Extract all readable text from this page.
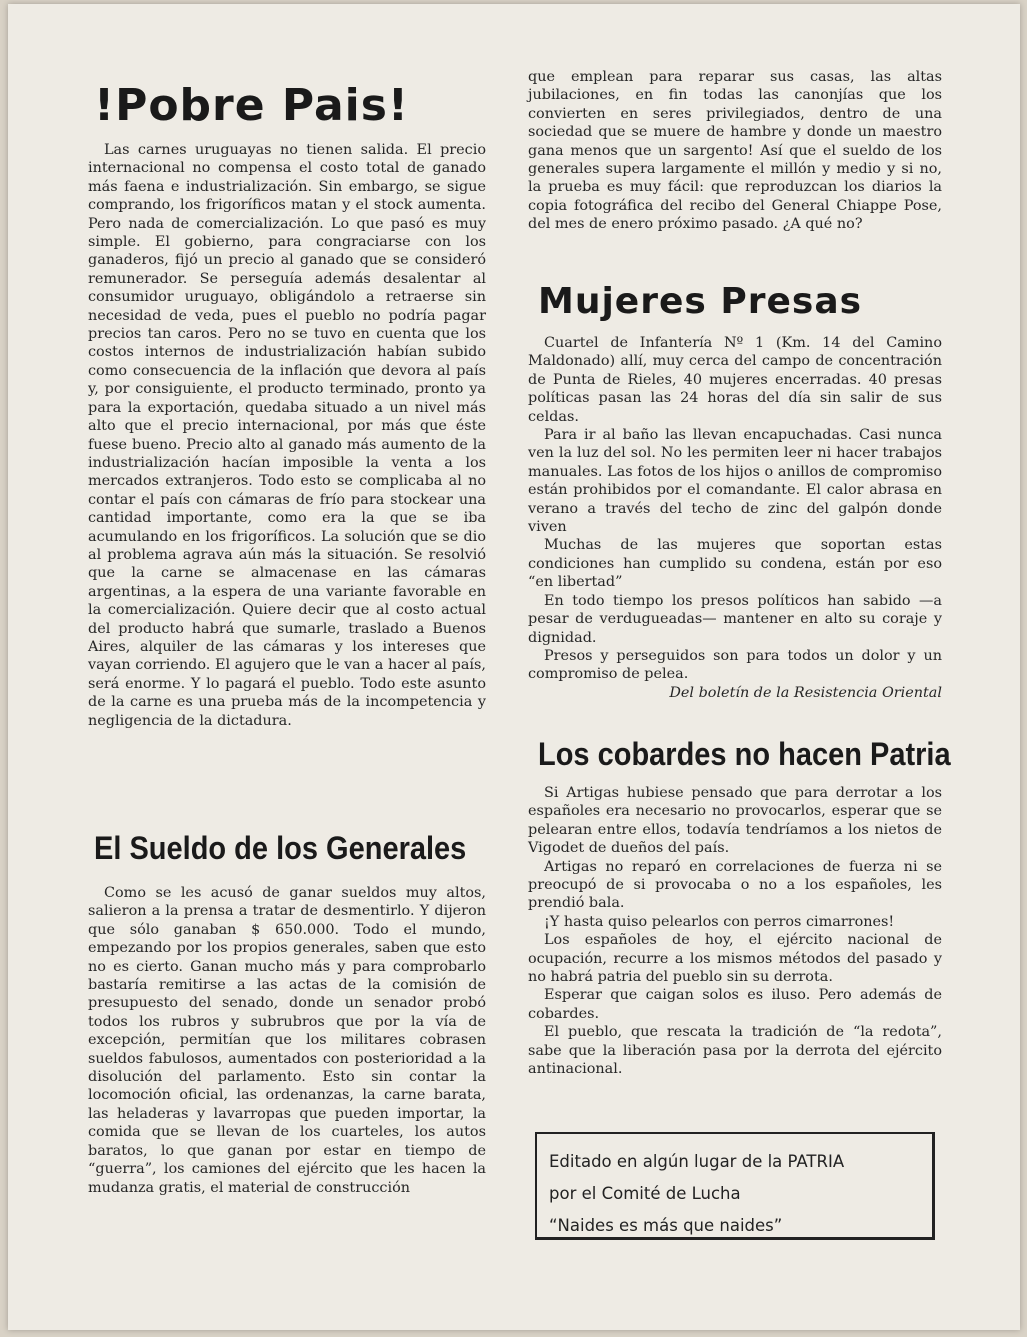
!Pobre Pais!

Las carnes uruguayas no tienen salida. El precio internacional no compensa el costo total de ganado más faena e industrialización. Sin embargo, se sigue comprando, los frigoríficos matan y el stock aumenta. Pero nada de comercialización. Lo que pasó es muy simple. El gobierno, para congraciarse con los ganaderos, fijó un precio al ganado que se consideró remunerador. Se perseguía además desalentar al consumidor uruguayo, obligándolo a retraerse sin necesidad de veda, pues el pueblo no podría pagar precios tan caros. Pero no se tuvo en cuenta que los costos internos de industrialización habían subido como consecuencia de la inflación que devora al país y, por consiguiente, el producto terminado, pronto ya para la exportación, quedaba situado a un nivel más alto que el precio internacional, por más que éste fuese bueno. Precio alto al ganado más aumento de la industrialización hacían imposible la venta a los mercados extranjeros. Todo esto se complicaba al no contar el país con cámaras de frío para stockear una cantidad importante, como era la que se iba acumulando en los frigoríficos. La solución que se dio al problema agrava aún más la situación. Se resolvió que la carne se almacenase en las cámaras argentinas, a la espera de una variante favorable en la comercialización. Quiere decir que al costo actual del producto habrá que sumarle, traslado a Buenos Aires, alquiler de las cámaras y los intereses que vayan corriendo. El agujero que le van a hacer al país, será enorme. Y lo pagará el pueblo. Todo este asunto de la carne es una prueba más de la incompetencia y negligencia de la dictadura.

El Sueldo de los Generales

Como se les acusó de ganar sueldos muy altos, salieron a la prensa a tratar de desmentirlo. Y dijeron que sólo ganaban $ 650.000. Todo el mundo, empezando por los propios generales, saben que esto no es cierto. Ganan mucho más y para comprobarlo bastaría remitirse a las actas de la comisión de presupuesto del senado, donde un senador probó todos los rubros y subrubros que por la vía de excepción, permitían que los militares cobrasen sueldos fabulosos, aumentados con posterioridad a la disolución del parlamento. Esto sin contar la locomoción oficial, las ordenanzas, la carne barata, las heladeras y lavarropas que pueden importar, la comida que se llevan de los cuarteles, los autos baratos, lo que ganan por estar en tiempo de “guerra”, los camiones del ejército que les hacen la mudanza gratis, el material de construcción

que emplean para reparar sus casas, las altas jubilaciones, en fin todas las canonjías que los convierten en seres privilegiados, dentro de una sociedad que se muere de hambre y donde un maestro gana menos que un sargento! Así que el sueldo de los generales supera largamente el millón y medio y si no, la prueba es muy fácil: que reproduzcan los diarios la copia fotográfica del recibo del General Chiappe Pose, del mes de enero próximo pasado. ¿A qué no?

Mujeres Presas

Cuartel de Infantería Nº 1 (Km. 14 del Camino Maldonado) allí, muy cerca del campo de concentración de Punta de Rieles, 40 mujeres encerradas. 40 presas políticas pasan las 24 horas del día sin salir de sus celdas.

Para ir al baño las llevan encapuchadas. Casi nunca ven la luz del sol. No les permiten leer ni hacer trabajos manuales. Las fotos de los hijos o anillos de compromiso están prohibidos por el comandante. El calor abrasa en verano a través del techo de zinc del galpón donde viven

Muchas de las mujeres que soportan estas condiciones han cumplido su condena, están por eso “en libertad”

En todo tiempo los presos políticos han sabido —a pesar de verdugueadas— mantener en alto su coraje y dignidad.

Presos y perseguidos son para todos un dolor y un compromiso de pelea.

Del boletín de la Resistencia Oriental

Los cobardes no hacen Patria

Si Artigas hubiese pensado que para derrotar a los españoles era necesario no provocarlos, esperar que se pelearan entre ellos, todavía tendríamos a los nietos de Vigodet de dueños del país.

Artigas no reparó en correlaciones de fuerza ni se preocupó de si provocaba o no a los españoles, les prendió bala.

¡Y hasta quiso pelearlos con perros cimarrones!

Los españoles de hoy, el ejército nacional de ocupación, recurre a los mismos métodos del pasado y no habrá patria del pueblo sin su derrota.

Esperar que caigan solos es iluso. Pero además de cobardes.

El pueblo, que rescata la tradición de “la redota”, sabe que la liberación pasa por la derrota del ejército antinacional.

Editado en algún lugar de la PATRIA
por el Comité de Lucha
“Naides es más que naides”
